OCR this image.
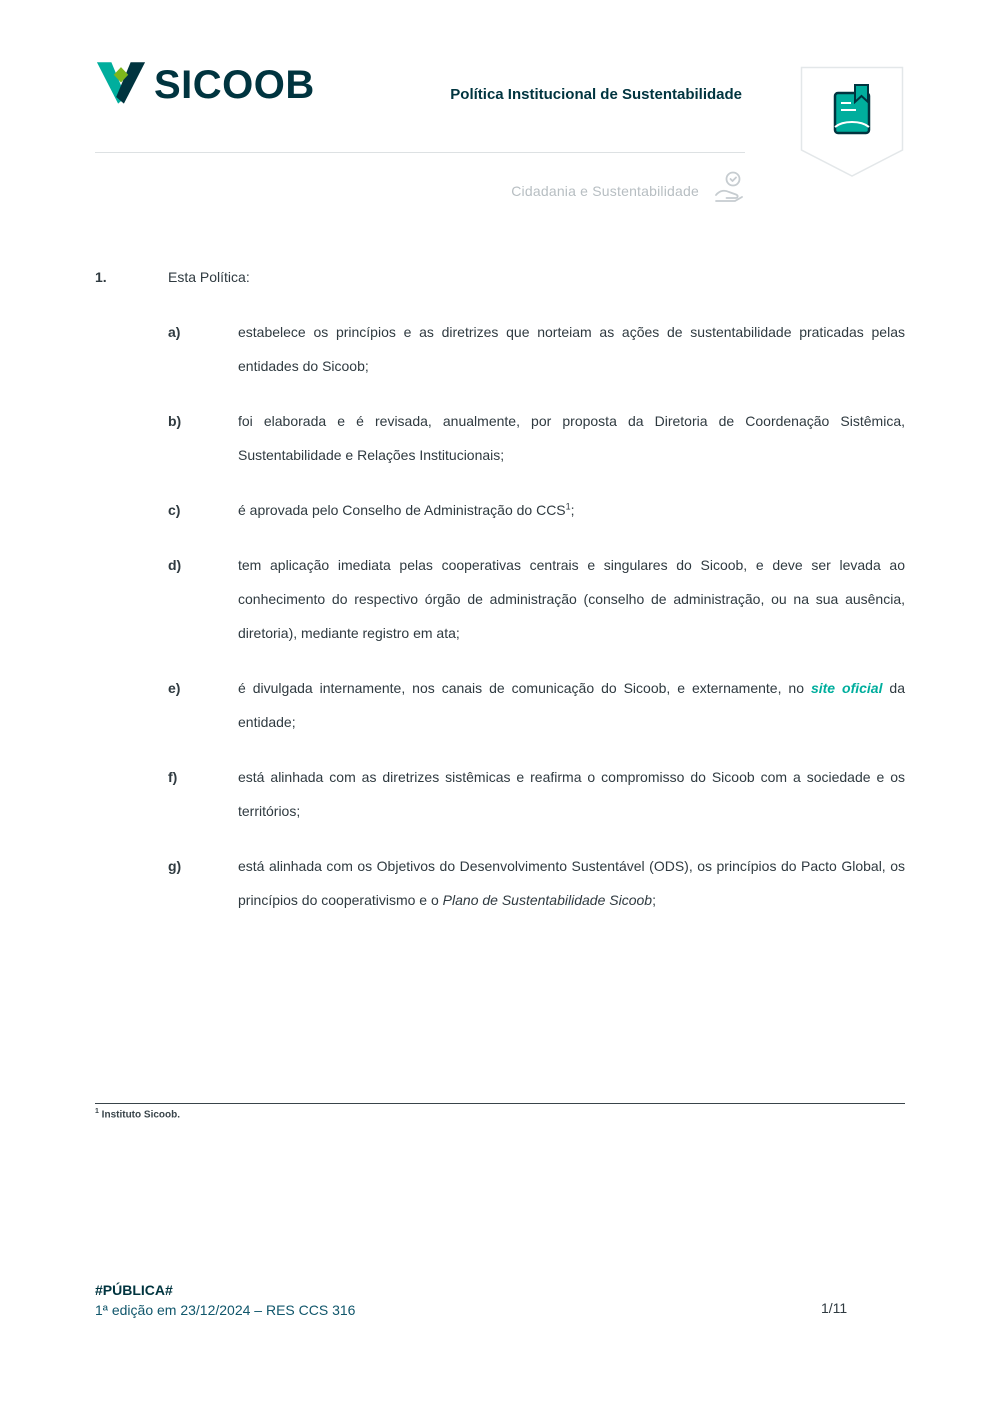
SICOOB	Política Institucional de Sustentabilidade
Cidadania e Sustentabilidade
1.	Esta Política:
a)	estabelece os princípios e as diretrizes que norteiam as ações de sustentabilidade praticadas pelas entidades do Sicoob;

b)	foi elaborada e é revisada, anualmente, por proposta da Diretoria de Coordenação Sistêmica, Sustentabilidade e Relações Institucionais;

c)	é aprovada pelo Conselho de Administração do CCS$^1$;

d)	tem aplicação imediata pelas cooperativas centrais e singulares do Sicoob, e deve ser levada ao conhecimento do respectivo órgão de administração (conselho de administração, ou na sua ausência, diretoria), mediante registro em ata;

e)	é divulgada internamente, nos canais de comunicação do Sicoob, e externamente, no site oficial da entidade;

f)	está alinhada com as diretrizes sistêmicas e reafirma o compromisso do Sicoob com a sociedade e os territórios;

g)	está alinhada com os Objetivos do Desenvolvimento Sustentável (ODS), os princípios do Pacto Global, os princípios do cooperativismo e o Plano de Sustentabilidade Sicoob;

$^1$ Instituto Sicoob.
#PÚBLICA#
1ª edição em 23/12/2024 – RES CCS 316	1/11
